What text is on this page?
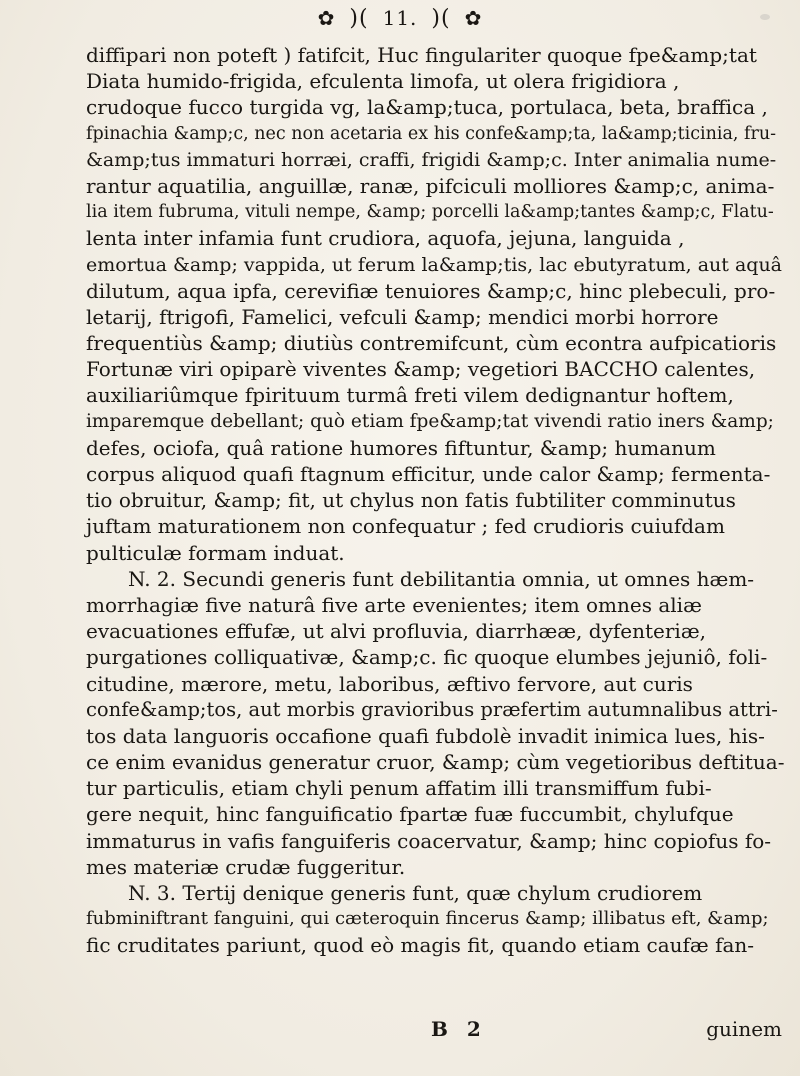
✿ )( 11. )( ✿
diffipari non poteft ) fatifcit, Huc fingulariter quoque fpe&amp;tat
Diata humido-frigida, efculenta limofa, ut olera frigidiora ,
crudoque fucco turgida vg, la&amp;tuca, portulaca, beta, braffica ,
fpinachia &amp;c, nec non acetaria ex his confe&amp;ta, la&amp;ticinia, fru-
&amp;tus immaturi horræi, craffi, frigidi &amp;c. Inter animalia nume-
rantur aquatilia, anguillæ, ranæ, pifciculi molliores &amp;c, anima-
lia item fubruma, vituli nempe, &amp; porcelli la&amp;tantes &amp;c, Flatu-
lenta inter infamia funt crudiora, aquofa, jejuna, languida ,
emortua &amp; vappida, ut ferum la&amp;tis, lac ebutyratum, aut aquâ
dilutum, aqua ipfa, cerevifiæ tenuiores &amp;c, hinc plebeculi, pro-
letarij, ftrigofi, Famelici, vefculi &amp; mendici morbi horrore
frequentiùs &amp; diutiùs contremifcunt, cùm econtra aufpicatioris
Fortunæ viri opiparè viventes &amp; vegetiori BACCHO calentes,
auxiliariûmque fpirituum turmâ freti vilem dedignantur hoftem,
imparemque debellant; quò etiam fpe&amp;tat vivendi ratio iners &amp;
defes, ociofa, quâ ratione humores fiftuntur, &amp; humanum
corpus aliquod quafi ftagnum efficitur, unde calor &amp; fermenta-
tio obruitur, &amp; fit, ut chylus non fatis fubtiliter comminutus
juftam maturationem non confequatur ; fed crudioris cuiufdam
pulticulæ formam induat.
N. 2. Secundi generis funt debilitantia omnia, ut omnes hæm-
morrhagiæ five naturâ five arte evenientes; item omnes aliæ
evacuationes effufæ, ut alvi profluvia, diarrhææ, dyfenteriæ,
purgationes colliquativæ, &amp;c. fic quoque elumbes jejuniô, foli-
citudine, mærore, metu, laboribus, æftivo fervore, aut curis
confe&amp;tos, aut morbis gravioribus præfertim autumnalibus attri-
tos data languoris occafione quafi fubdolè invadit inimica lues, his-
ce enim evanidus generatur cruor, &amp; cùm vegetioribus deftitua-
tur particulis, etiam chyli penum affatim illi transmiffum fubi-
gere nequit, hinc fanguificatio fpartæ fuæ fuccumbit, chylufque
immaturus in vafis fanguiferis coacervatur, &amp; hinc copiofus fo-
mes materiæ crudæ fuggeritur.
N. 3. Tertij denique generis funt, quæ chylum crudiorem
fubminiftrant fanguini, qui cæteroquin fincerus &amp; illibatus eft, &amp;
fic cruditates pariunt, quod eò magis fit, quando etiam caufæ fan-
B 2	guinem
